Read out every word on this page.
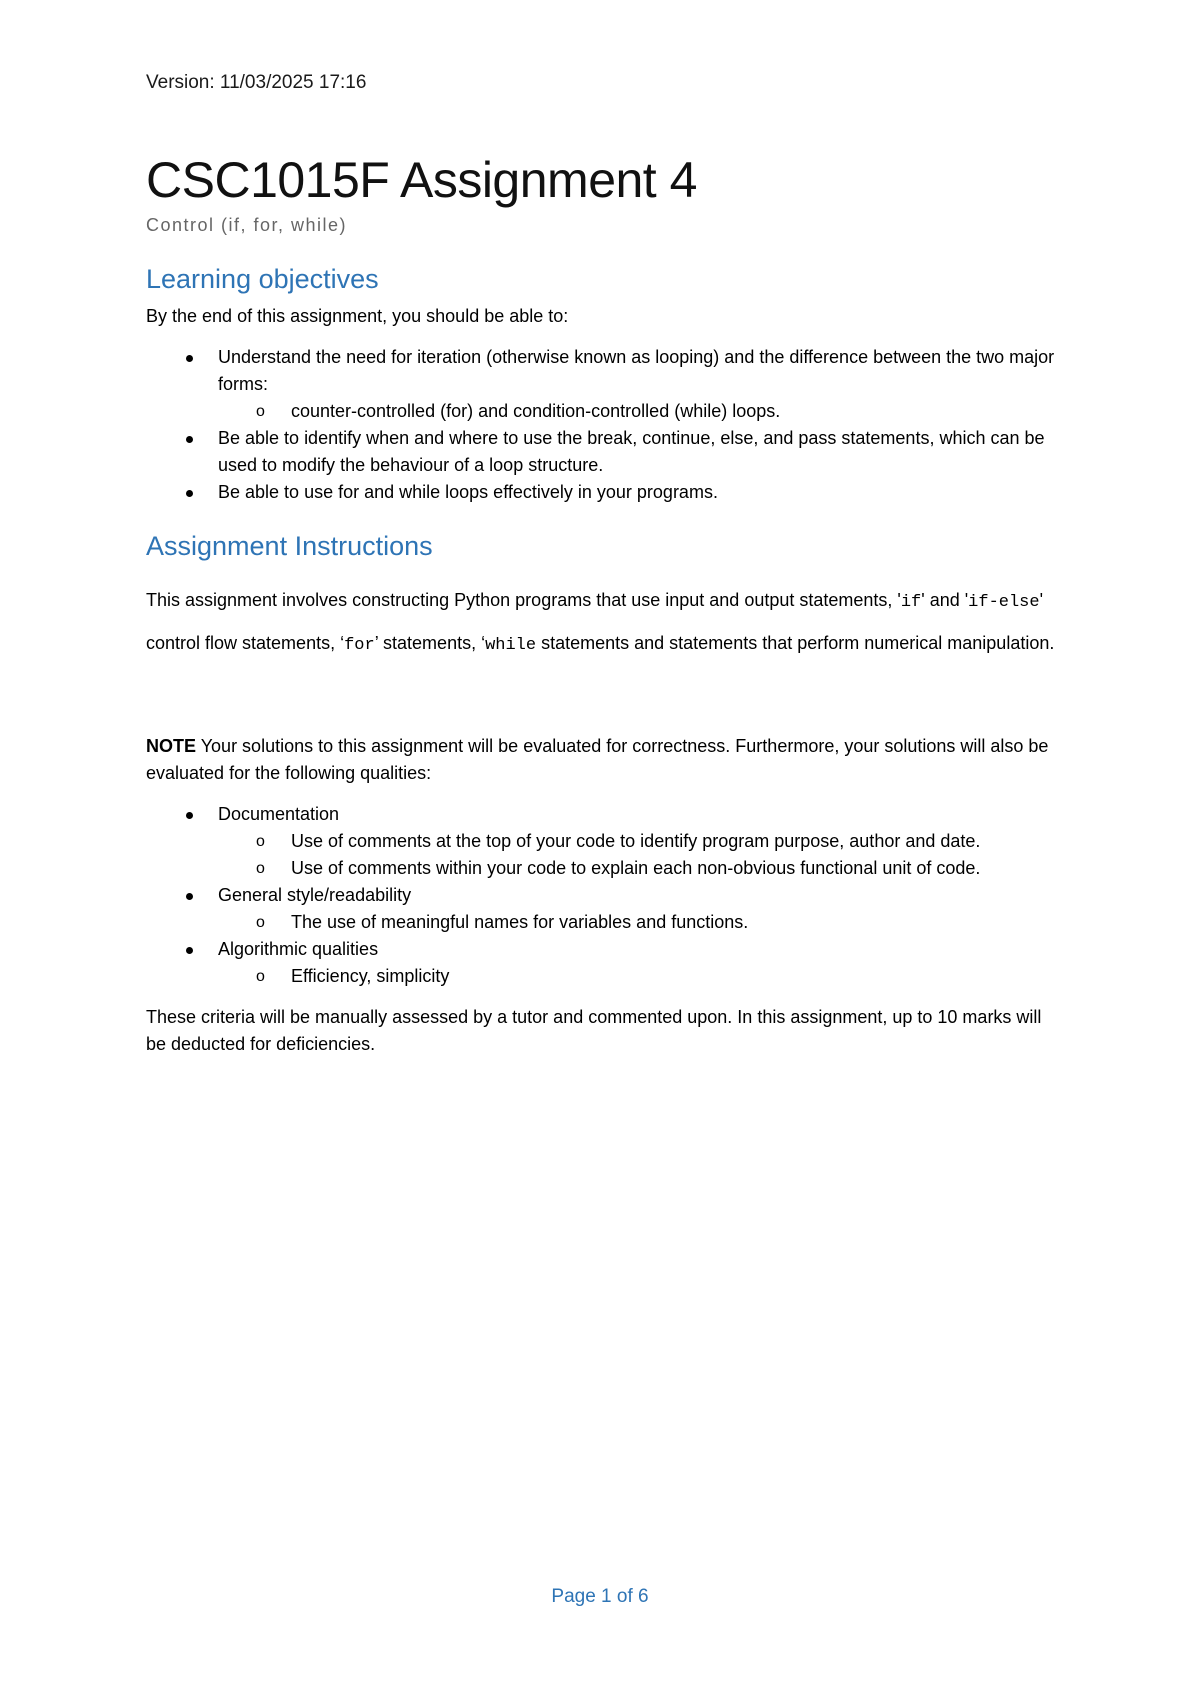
Version: 11/03/2025 17:16
CSC1015F Assignment 4
Control (if, for, while)
Learning objectives

By the end of this assignment, you should be able to:

Understand the need for iteration (otherwise known as looping) and the difference between the two major forms:
o counter-controlled (for) and condition-controlled (while) loops.
Be able to identify when and where to use the break, continue, else, and pass statements, which can be used to modify the behaviour of a loop structure.
Be able to use for and while loops effectively in your programs.
Assignment Instructions

This assignment involves constructing Python programs that use input and output statements, 'if' and 'if-else' control flow statements, ‘for’ statements, ‘while statements and statements that perform numerical manipulation.

NOTE Your solutions to this assignment will be evaluated for correctness. Furthermore, your solutions will also be evaluated for the following qualities:

Documentation
o Use of comments at the top of your code to identify program purpose, author and date.
o Use of comments within your code to explain each non-obvious functional unit of code.
General style/readability
o The use of meaningful names for variables and functions.
Algorithmic qualities
o Efficiency, simplicity

These criteria will be manually assessed by a tutor and commented upon. In this assignment, up to 10 marks will be deducted for deficiencies.

Page 1 of 6
